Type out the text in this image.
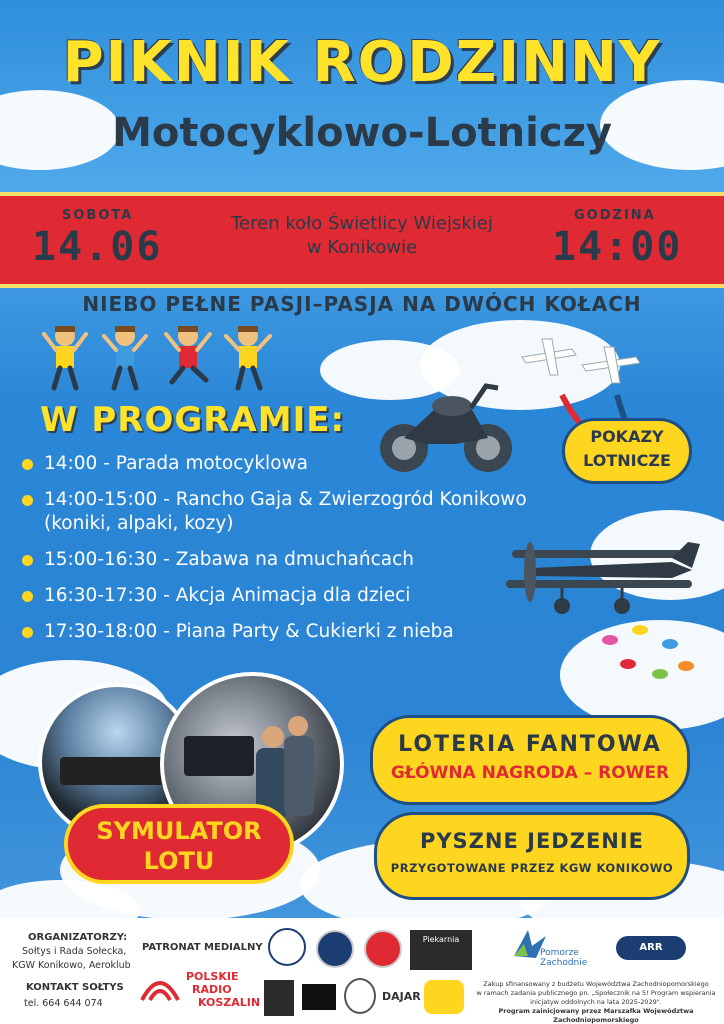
PIKNIK RODZINNY
Motocyklowo-Lotniczy
SOBOTA
14.06
Teren koło Świetlicy Wiejskiej
w Konikowie
GODZINA
14:00
NIEBO PEŁNE PASJI–PASJA NA DWÓCH KOŁACH
POKAZY
LOTNICZE
W PROGRAMIE:
14:00 - Parada motocyklowa
14:00-15:00 - Rancho Gaja & Zwierzogród Konikowo
(koniki, alpaki, kozy)
15:00-16:30 - Zabawa na dmuchańcach
16:30-17:30 - Akcja Animacja dla dzieci
17:30-18:00 - Piana Party & Cukierki z nieba
SYMULATOR
LOTU
LOTERIA FANTOWA
GŁÓWNA NAGRODA – ROWER
PYSZNE JEDZENIE
PRZYGOTOWANE PRZEZ KGW KONIKOWO
ORGANIZATORZY:
Sołtys i Rada Sołecka,
KGW Konikowo, Aeroklub
KONTAKT SOŁTYS
tel. 664 644 074
PATRONAT MEDIALNY
POLSKIE
RADIO
KOSZALIN
Piekarnia
DAJAR
Pomorze Zachodnie
ARR
Zakup sfinansowany z budżetu Województwa Zachodniopomorskiego
w ramach zadania publicznego pn. „Społecznik na 5! Program wspierania
inicjatyw oddolnych na lata 2025-2029".
Program zainicjowany przez Marszałka Województwa Zachodniopomorskiego
